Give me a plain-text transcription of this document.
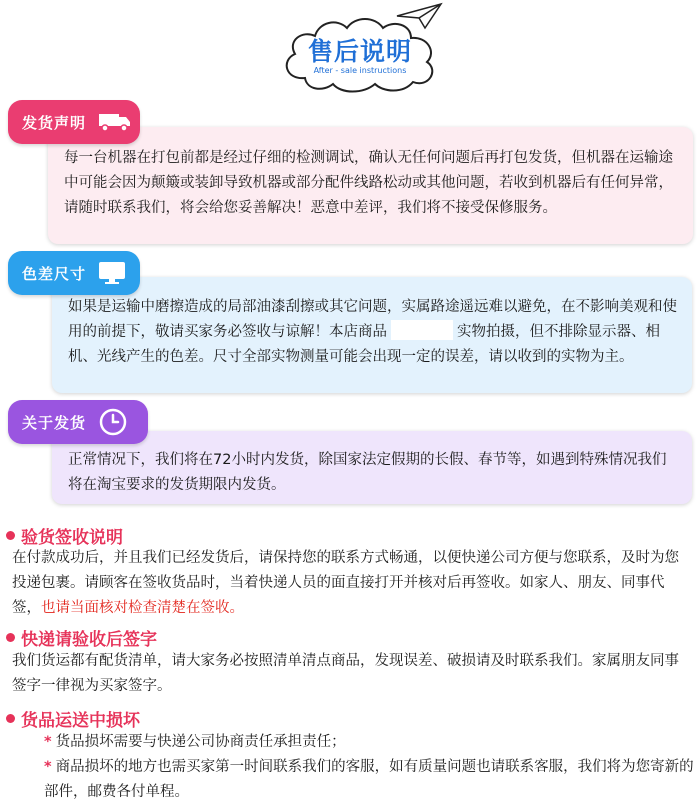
售后说明
After - sale instructions
每一台机器在打包前都是经过仔细的检测调试，确认无任何问题后再打包发货，但机器在运输途中可能会因为颠簸或装卸导致机器或部分配件线路松动或其他问题，若收到机器后有任何异常，请随时联系我们，将会给您妥善解决！恶意中差评，我们将不接受保修服务。
发货声明
如果是运输中磨擦造成的局部油漆刮擦或其它问题，实属路途遥远难以避免，在不影响美观和使用的前提下，敬请买家务必签收与谅解！本店商品	实物拍摄，但不排除显示器、相机、光线产生的色差。尺寸全部实物测量可能会出现一定的误差，请以收到的实物为主。
色差尺寸
正常情况下，我们将在72小时内发货，除国家法定假期的长假、春节等，如遇到特殊情况我们将在淘宝要求的发货期限内发货。
关于发货
验货签收说明
在付款成功后，并且我们已经发货后，请保持您的联系方式畅通，以便快递公司方便与您联系，及时为您投递包裹。请顾客在签收货品时，当着快递人员的面直接打开并核对后再签收。如家人、朋友、同事代签，也请当面核对检查清楚在签收。
快递请验收后签字
我们货运都有配货清单，请大家务必按照清单清点商品，发现误差、破损请及时联系我们。家属朋友同事签字一律视为买家签字。
货品运送中损坏
* 货品损坏需要与快递公司协商责任承担责任；
* 商品损坏的地方也需买家第一时间联系我们的客服，如有质量问题也请联系客服，我们将为您寄新的部件，邮费各付单程。
